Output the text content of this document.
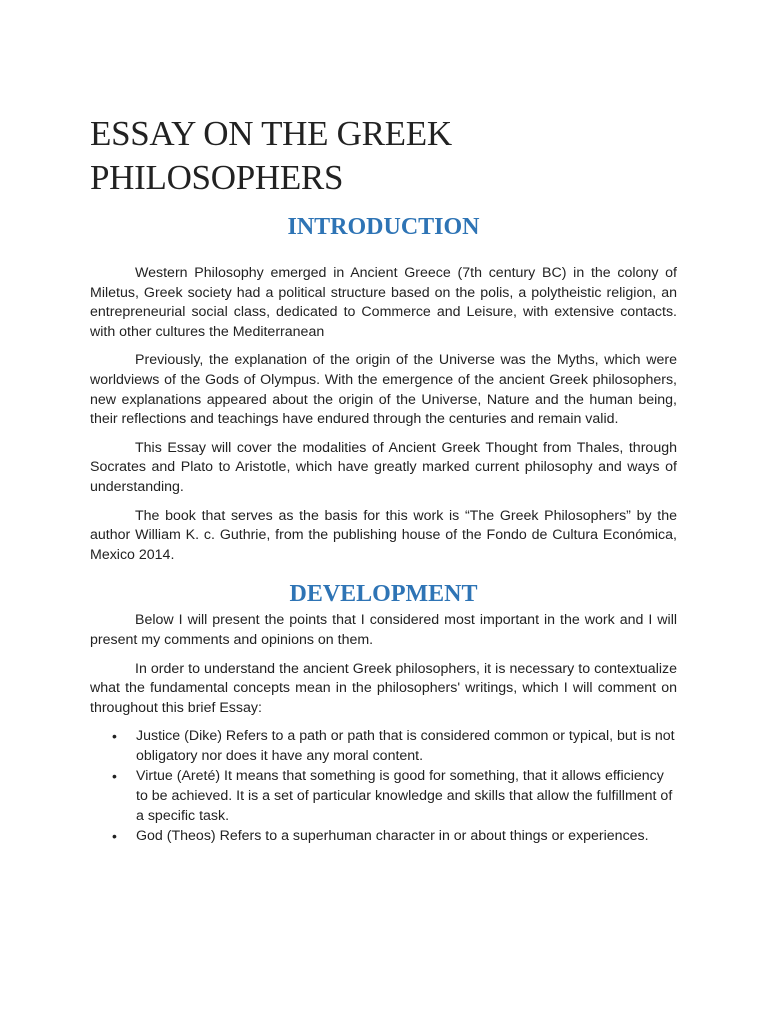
ESSAY ON THE GREEK
PHILOSOPHERS
INTRODUCTION

Western Philosophy emerged in Ancient Greece (7th century BC) in the colony of Miletus, Greek society had a political structure based on the polis, a polytheistic religion, an entrepreneurial social class, dedicated to Commerce and Leisure, with extensive contacts. with other cultures the Mediterranean

Previously, the explanation of the origin of the Universe was the Myths, which were worldviews of the Gods of Olympus. With the emergence of the ancient Greek philosophers, new explanations appeared about the origin of the Universe, Nature and the human being, their reflections and teachings have endured through the centuries and remain valid.

This Essay will cover the modalities of Ancient Greek Thought from Thales, through Socrates and Plato to Aristotle, which have greatly marked current philosophy and ways of understanding.

The book that serves as the basis for this work is “The Greek Philosophers” by the author William K. c. Guthrie, from the publishing house of the Fondo de Cultura Económica, Mexico 2014.

DEVELOPMENT

Below I will present the points that I considered most important in the work and I will present my comments and opinions on them.

In order to understand the ancient Greek philosophers, it is necessary to contextualize what the fundamental concepts mean in the philosophers' writings, which I will comment on throughout this brief Essay:

• Justice (Dike) Refers to a path or path that is considered common or typical, but is not obligatory nor does it have any moral content.
• Virtue (Areté) It means that something is good for something, that it allows efficiency to be achieved. It is a set of particular knowledge and skills that allow the fulfillment of a specific task.
• God (Theos) Refers to a superhuman character in or about things or experiences.
